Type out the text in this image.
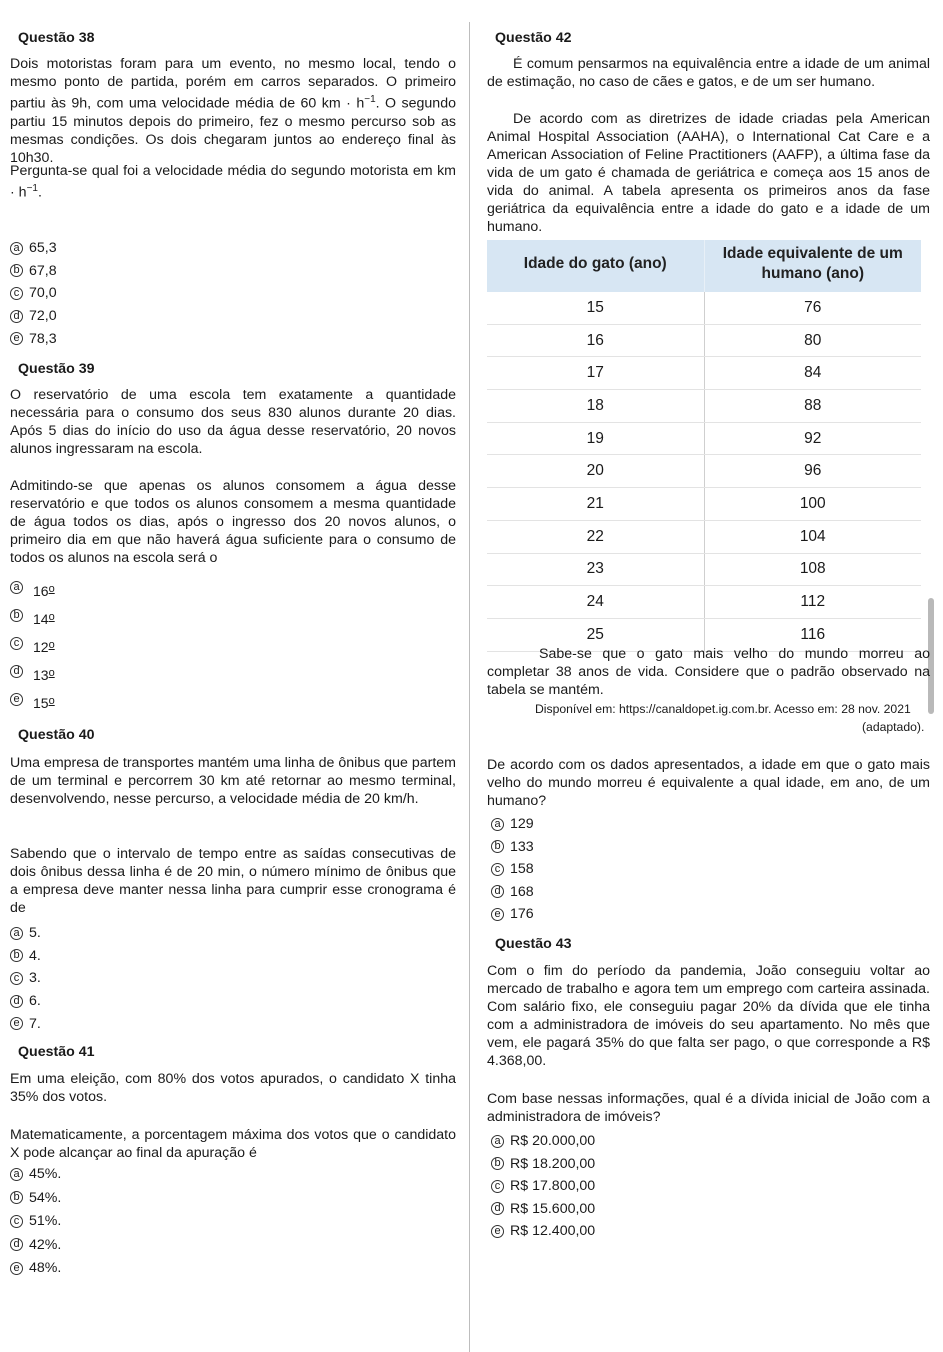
Questão 38
Dois motoristas foram para um evento, no mesmo local, tendo o mesmo ponto de partida, porém em carros separados. O primeiro partiu às 9h, com uma velocidade média de 60 km · $h^{-1}$. O segundo partiu 15 minutos depois do primeiro, fez o mesmo percurso sob as mesmas condições. Os dois chegaram juntos ao endereço final às 10h30.
Pergunta-se qual foi a velocidade média do segundo motorista em km · $h^{-1}$.
a 65,3
b 67,8
c 70,0
d 72,0
e 78,3
Questão 39
O reservatório de uma escola tem exatamente a quantidade necessária para o consumo dos seus 830 alunos durante 20 dias. Após 5 dias do início do uso da água desse reservatório, 20 novos alunos ingressaram na escola.
Admitindo-se que apenas os alunos consomem a água desse reservatório e que todos os alunos consomem a mesma quantidade de água todos os dias, após o ingresso dos 20 novos alunos, o primeiro dia em que não haverá água suficiente para o consumo de todos os alunos na escola será o
a 16$^o$
b 14$^o$
c 12$^o$
d 13$^o$
e 15$^o$
Questão 40
Uma empresa de transportes mantém uma linha de ônibus que partem de um terminal e percorrem 30 km até retornar ao mesmo terminal, desenvolvendo, nesse percurso, a velocidade média de 20 km/h.
Sabendo que o intervalo de tempo entre as saídas consecutivas de dois ônibus dessa linha é de 20 min, o número mínimo de ônibus que a empresa deve manter nessa linha para cumprir esse cronograma é de
a 5.
b 4.
c 3.
d 6.
e 7.
Questão 41
Em uma eleição, com 80% dos votos apurados, o candidato X tinha 35% dos votos.
Matematicamente, a porcentagem máxima dos votos que o candidato X pode alcançar ao final da apuração é
a 45%.
b 54%.
c 51%.
d 42%.
e 48%.
Questão 42
É comum pensarmos na equivalência entre a idade de um animal de estimação, no caso de cães e gatos, e de um ser humano.
De acordo com as diretrizes de idade criadas pela American Animal Hospital Association (AAHA), o International Cat Care e a American Association of Feline Practitioners (AAFP), a última fase da vida de um gato é chamada de geriátrica e começa aos 15 anos de vida do animal. A tabela apresenta os primeiros anos da fase geriátrica da equivalência entre a idade do gato e a idade de um humano.
Idade do gato (ano)	Idade equivalente de um humano (ano)
15	76
16	80
17	84
18	88
19	92
20	96
21	100
22	104
23	108
24	112
25	116
Sabe-se que o gato mais velho do mundo morreu ao completar 38 anos de vida. Considere que o padrão observado na tabela se mantém.
Disponível em: https://canaldopet.ig.com.br. Acesso em: 28 nov. 2021
(adaptado).
De acordo com os dados apresentados, a idade em que o gato mais velho do mundo morreu é equivalente a qual idade, em ano, de um humano?
a 129
b 133
c 158
d 168
e 176
Questão 43
Com o fim do período da pandemia, João conseguiu voltar ao mercado de trabalho e agora tem um emprego com carteira assinada. Com salário fixo, ele conseguiu pagar 20% da dívida que ele tinha com a administradora de imóveis do seu apartamento. No mês que vem, ele pagará 35% do que falta ser pago, o que corresponde a R$ 4.368,00.
Com base nessas informações, qual é a dívida inicial de João com a administradora de imóveis?
a R$ 20.000,00
b R$ 18.200,00
c R$ 17.800,00
d R$ 15.600,00
e R$ 12.400,00
